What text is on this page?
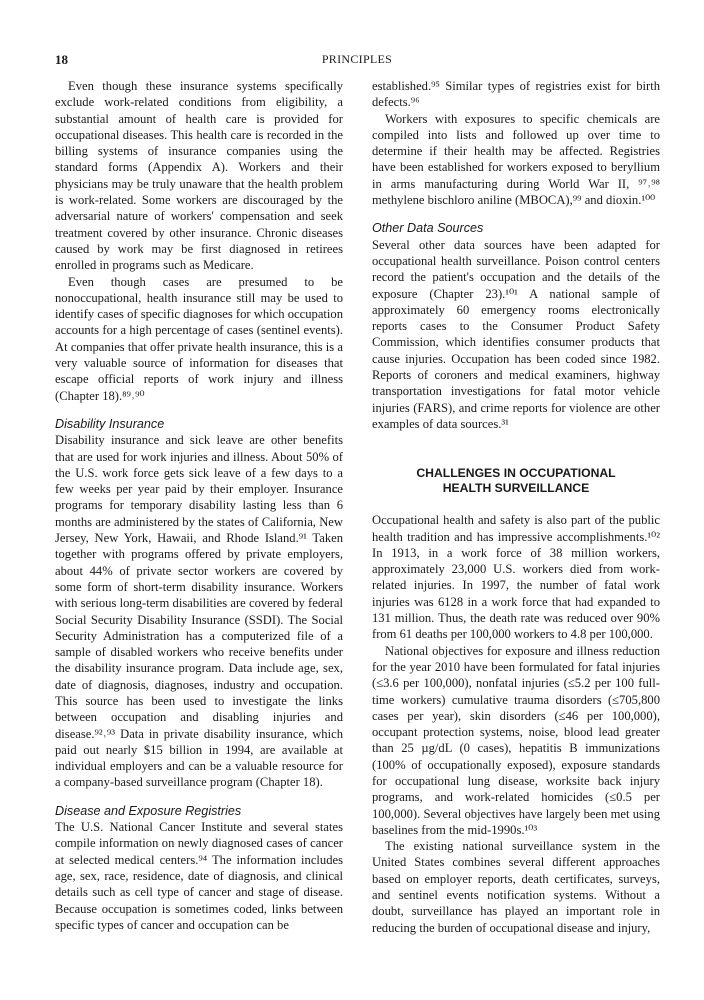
18	PRINCIPLES

Even though these insurance systems specifically exclude work-related conditions from eligibility, a substantial amount of health care is provided for occupational diseases. This health care is recorded in the billing systems of insurance companies using the standard forms (Appendix A). Workers and their physicians may be truly unaware that the health problem is work-related. Some workers are discouraged by the adversarial nature of workers' compensation and seek treatment covered by other insurance. Chronic diseases caused by work may be first diagnosed in retirees enrolled in programs such as Medicare.

Even though cases are presumed to be nonoccupational, health insurance still may be used to identify cases of specific diagnoses for which occupation accounts for a high percentage of cases (sentinel events). At companies that offer private health insurance, this is a very valuable source of information for diseases that escape official reports of work injury and illness (Chapter 18).⁸⁹˒⁹⁰

Disability Insurance

Disability insurance and sick leave are other benefits that are used for work injuries and illness. About 50% of the U.S. work force gets sick leave of a few days to a few weeks per year paid by their employer. Insurance programs for temporary disability lasting less than 6 months are administered by the states of California, New Jersey, New York, Hawaii, and Rhode Island.⁹¹ Taken together with programs offered by private employers, about 44% of private sector workers are covered by some form of short-term disability insurance. Workers with serious long-term disabilities are covered by federal Social Security Disability Insurance (SSDI). The Social Security Administration has a computerized file of a sample of disabled workers who receive benefits under the disability insurance program. Data include age, sex, date of diagnosis, diagnoses, industry and occupation. This source has been used to investigate the links between occupation and disabling injuries and disease.⁹²˒⁹³ Data in private disability insurance, which paid out nearly $15 billion in 1994, are available at individual employers and can be a valuable resource for a company-based surveillance program (Chapter 18).

Disease and Exposure Registries

The U.S. National Cancer Institute and several states compile information on newly diagnosed cases of cancer at selected medical centers.⁹⁴ The information includes age, sex, race, residence, date of diagnosis, and clinical details such as cell type of cancer and stage of disease. Because occupation is sometimes coded, links between specific types of cancer and occupation can be

established.⁹⁵ Similar types of registries exist for birth defects.⁹⁶

Workers with exposures to specific chemicals are compiled into lists and followed up over time to determine if their health may be affected. Registries have been established for workers exposed to beryllium in arms manufacturing during World War II, ⁹⁷˒⁹⁸ methylene bischloro aniline (MBOCA),⁹⁹ and dioxin.¹⁰⁰

Other Data Sources

Several other data sources have been adapted for occupational health surveillance. Poison control centers record the patient's occupation and the details of the exposure (Chapter 23).¹⁰¹ A national sample of approximately 60 emergency rooms electronically reports cases to the Consumer Product Safety Commission, which identifies consumer products that cause injuries. Occupation has been coded since 1982. Reports of coroners and medical examiners, highway transportation investigations for fatal motor vehicle injuries (FARS), and crime reports for violence are other examples of data sources.³¹

CHALLENGES IN OCCUPATIONAL
HEALTH SURVEILLANCE

Occupational health and safety is also part of the public health tradition and has impressive accomplishments.¹⁰² In 1913, in a work force of 38 million workers, approximately 23,000 U.S. workers died from work-related injuries. In 1997, the number of fatal work injuries was 6128 in a work force that had expanded to 131 million. Thus, the death rate was reduced over 90% from 61 deaths per 100,000 workers to 4.8 per 100,000.

National objectives for exposure and illness reduction for the year 2010 have been formulated for fatal injuries (≤3.6 per 100,000), nonfatal injuries (≤5.2 per 100 full-time workers) cumulative trauma disorders (≤705,800 cases per year), skin disorders (≤46 per 100,000), occupant protection systems, noise, blood lead greater than 25 µg/dL (0 cases), hepatitis B immunizations (100% of occupationally exposed), exposure standards for occupational lung disease, worksite back injury programs, and work-related homicides (≤0.5 per 100,000). Several objectives have largely been met using baselines from the mid-1990s.¹⁰³

The existing national surveillance system in the United States combines several different approaches based on employer reports, death certificates, surveys, and sentinel events notification systems. Without a doubt, surveillance has played an important role in reducing the burden of occupational disease and injury,
